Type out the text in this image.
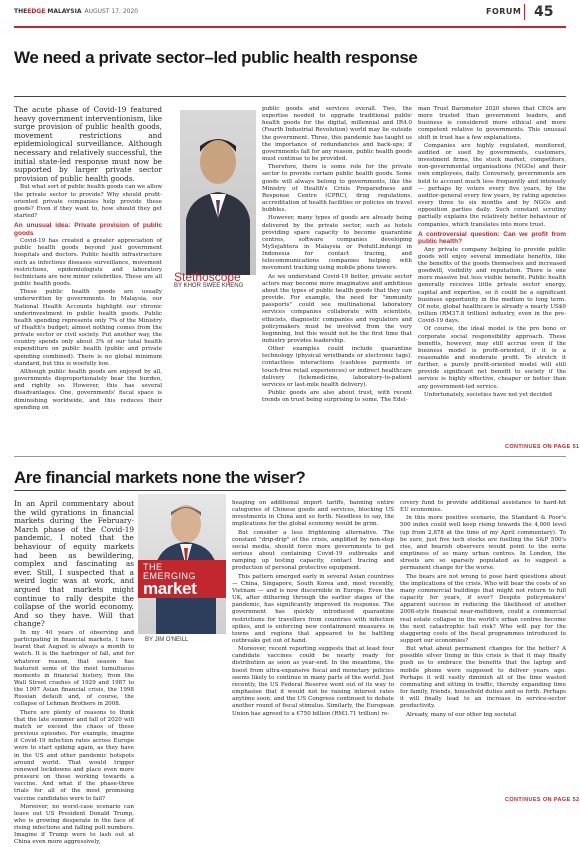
THEEDGE MALAYSIA AUGUST 17, 2020	FORUM 45
We need a private sector–led public health response

The acute phase of Covid-19 featured heavy government interventionism, like surge provision of public health goods, movement restrictions and epidemiological surveillance. Although necessary and relatively successful, the initial state-led response must now be supported by larger private sector provision of public health goods.

But what sort of public health goods can we allow the private sector to provide? Why should profit-oriented private companies help provide these goods? Even if they want to, how should they get started?

An unusual idea: Private provision of public goods

Covid-19 has created a greater appreciation of public health goods beyond just government hospitals and doctors. Public health infrastructure such as infectious diseases surveillance, movement restrictions, epidemiologists and laboratory technicians are now minor celebrities. These are all public health goods.

These public health goods are usually underwritten by governments. In Malaysia, our National Health Accounts highlight our chronic underinvestment in public health goods. Public health spending represents only 7% of the Ministry of Health's budget; almost nothing comes from the private sector or civil society. Put another way, the country spends only about 3% of our total health expenditure on public health (public and private spending combined). There is no global minimum standard, but this is woefully low.

Although public health goods are enjoyed by all, governments disproportionately bear the burden, and rightly so. However, this has several disadvantages. One, governments' fiscal space is diminishing worldwide, and this reduces their spending on

Stethoscope
BY KHOR SWEE KHENG

public goods and services overall. Two, the expertise needed to upgrade traditional public health goods for the digital, millennial and IR4.0 (Fourth Industrial Revolution) world may lie outside the government. Three, this pandemic has taught us the importance of redundancies and back-ups; if governments fall for any reason, public health goods must continue to be provided.

Therefore, there is some role for the private sector to provide certain public health goods. Some goods will always belong to governments, like the Ministry of Health's Crisis Preparedness and Response Centre (CPRC), drug regulations, accreditation of health facilities or policies on travel bubbles.

However, many types of goods are already being delivered by the private sector, such as hotels providing spare capacity to become quarantine centres, software companies developing MySejahtera in Malaysia or PeduliLindungi in Indonesia for contact tracing, and telecommunications companies helping with movement tracking using mobile phone towers.

As we understand Covid-19 better, private sector actors may become more imaginative and ambitious about the types of public health goods that they can provide. For example, the need for "immunity passports" could see multinational laboratory services companies collaborate with scientists, ethicists, diagnostic companies and regulators and policymakers must be involved from the very beginning, but this would not be the first time that industry provides leadership.

Other examples could include quarantine technology (physical wristbands or electronic tags), contactless interactions (cashless payments or touch-free retail experiences) or indirect healthcare delivery (telemedicine, laboratory-to-patient services or last-mile health delivery).

Public goods are also about trust, with recent trends on trust being surprising to some. The Edel-

man Trust Barometer 2020 shows that CEOs are more trusted than government leaders, and business is considered more ethical and more competent relative to governments. This unusual shift in trust has a few explanations.

Companies are highly regulated, monitored, audited or sued by governments, customers, investment firms, the stock market, competitors, non-governmental organisations (NGOs) and their own employees, daily. Conversely, governments are held to account much less frequently and intensely — perhaps by voters every five years, by the auditor-general every few years, by rating agencies every three to six months and by NGOs and opposition parties daily. Such constant scrutiny partially explains the relatively better behaviour of companies, which translates into more trust.

A controversial question: Can we profit from public health?

Any private company helping to provide public goods will enjoy several immediate benefits, like the benefits of the goods themselves and increased goodwill, visibility and reputation. There is one more massive but less visible benefit. Public health generally receives little private sector energy, capital and expertise, so it could be a significant business opportunity in the medium to long term. Of note, global healthcare is already a nearly US$9 trillion (RM37.8 trillion) industry, even in the pre-Covid-19 days.

Of course, the ideal model is the pro bono or corporate social responsibility approach. These benefits, however, may still accrue even if the business model is profit-oriented, if it is a reasonable and moderate profit. To stretch it further, a purely profit-oriented model will still provide significant net benefit to society if the service is highly effective, cheaper or better than any government-led service.

Unfortunately, societies have not yet decided

CONTINUES ON PAGE 51
Are financial markets none the wiser?

In an April commentary about the wild gyrations in financial markets during the February-March phase of the Covid-19 pandemic, I noted that the behaviour of equity markets had been as bewildering, complex and fascinating as ever. Still, I suspected that a weird logic was at work, and argued that markets might continue to rally despite the collapse of the world economy. And so they have. Will that change?

In my 40 years of observing and participating in financial markets, I have learnt that August is always a month to watch. It is the harbinger of fall, and for whatever reason, that season has featured some of the most tumultuous moments in financial history, from the Wall Street crashes of 1929 and 1987 to the 1997 Asian financial crisis, the 1998 Russian default and, of course, the collapse of Lehman Brothers in 2008.

There are plenty of reasons to think that the late summer and fall of 2020 will match or exceed the chaos of these previous episodes. For example, imagine if Covid-19 infection rates across Europe were to start spiking again, as they have in the US and other pandemic hotspots around world. That would trigger renewed lockdowns and place even more pressure on those working towards a vaccine. And what if the phase-three trials for all of the most promising vaccine candidates were to fail?

Moreover, no worst-case scenario can leave out US President Donald Trump, who is growing desperate in the face of rising infections and falling poll numbers. Imagine if Trump were to lash out at China even more aggressively,

THE
EMERGING
market
BY JIM O'NEILL

heaping on additional import tariffs, banning entire categories of Chinese goods and services, blocking US investments in China and so forth. Needless to say, the implications for the global economy would be grim.

But consider a less frightening alternative. The constant "drip-drip" of the crisis, amplified by non-stop social media, should force more governments to get serious about containing Covid-19 outbreaks and ramping up testing capacity, contact tracing and production of personal protective equipment.

This pattern emerged early in several Asian countries — China, Singapore, South Korea and, most recently, Vietnam — and is now discernible in Europe. Even the UK, after dithering through the earlier stages of the pandemic, has significantly improved its response. The government has quickly introduced quarantine restrictions for travellers from countries with infection spikes, and is enforcing new containment measures in towns and regions that appeared to be battling outbreaks get out of hand.

Moreover, recent reporting suggests that at least four candidate vaccines could be nearly ready for distribution as soon as year-end. In the meantime, the boost from ultra-expansive fiscal and monetary policies seems likely to continue in many parts of the world. Just recently, the US Federal Reserve went out of its way to emphasise that it would not be raising interest rates anytime soon, and the US Congress continued to debate another round of fiscal stimulus. Similarly, the European Union has agreed to a €750 billion (RM3.71 trillion) re-

covery fund to provide additional assistance to hard-hit EU economies.

In this more positive scenario, the Standard & Poor's 500 index could well keep rising towards the 4,000 level (up from 2,878 at the time of my April commentary). To be sure, just five tech stocks are fuelling the S&P 500's rise, and bearish observers would point to the eerie emptiness of so many urban centres. In London, the streets are so sparsely populated as to suggest a permanent change for the worse.

The bears are not wrong to pose hard questions about the implications of the crisis. Who will bear the costs of so many commercial buildings that might not return to full capacity for years, if ever? Despite policymakers' apparent success in reducing the likelihood of another 2008-style financial near-meltdown, could a commercial real estate collapse in the world's urban centres become the next catastrophic tail risk? Who will pay for the staggering costs of the fiscal programmes introduced to support our economies?

But what about permanent changes for the better? A possible silver lining in this crisis is that it may finally push us to embrace the benefits that the laptop and mobile phone were supposed to deliver years ago. Perhaps it will vastly diminish all of the time wasted commuting and sitting in traffic, thereby expanding time for family, friends, household duties and so forth. Perhaps it will finally lead to an increase in service-sector productivity.

Already, many of our other big societal

CONTINUES ON PAGE 52
